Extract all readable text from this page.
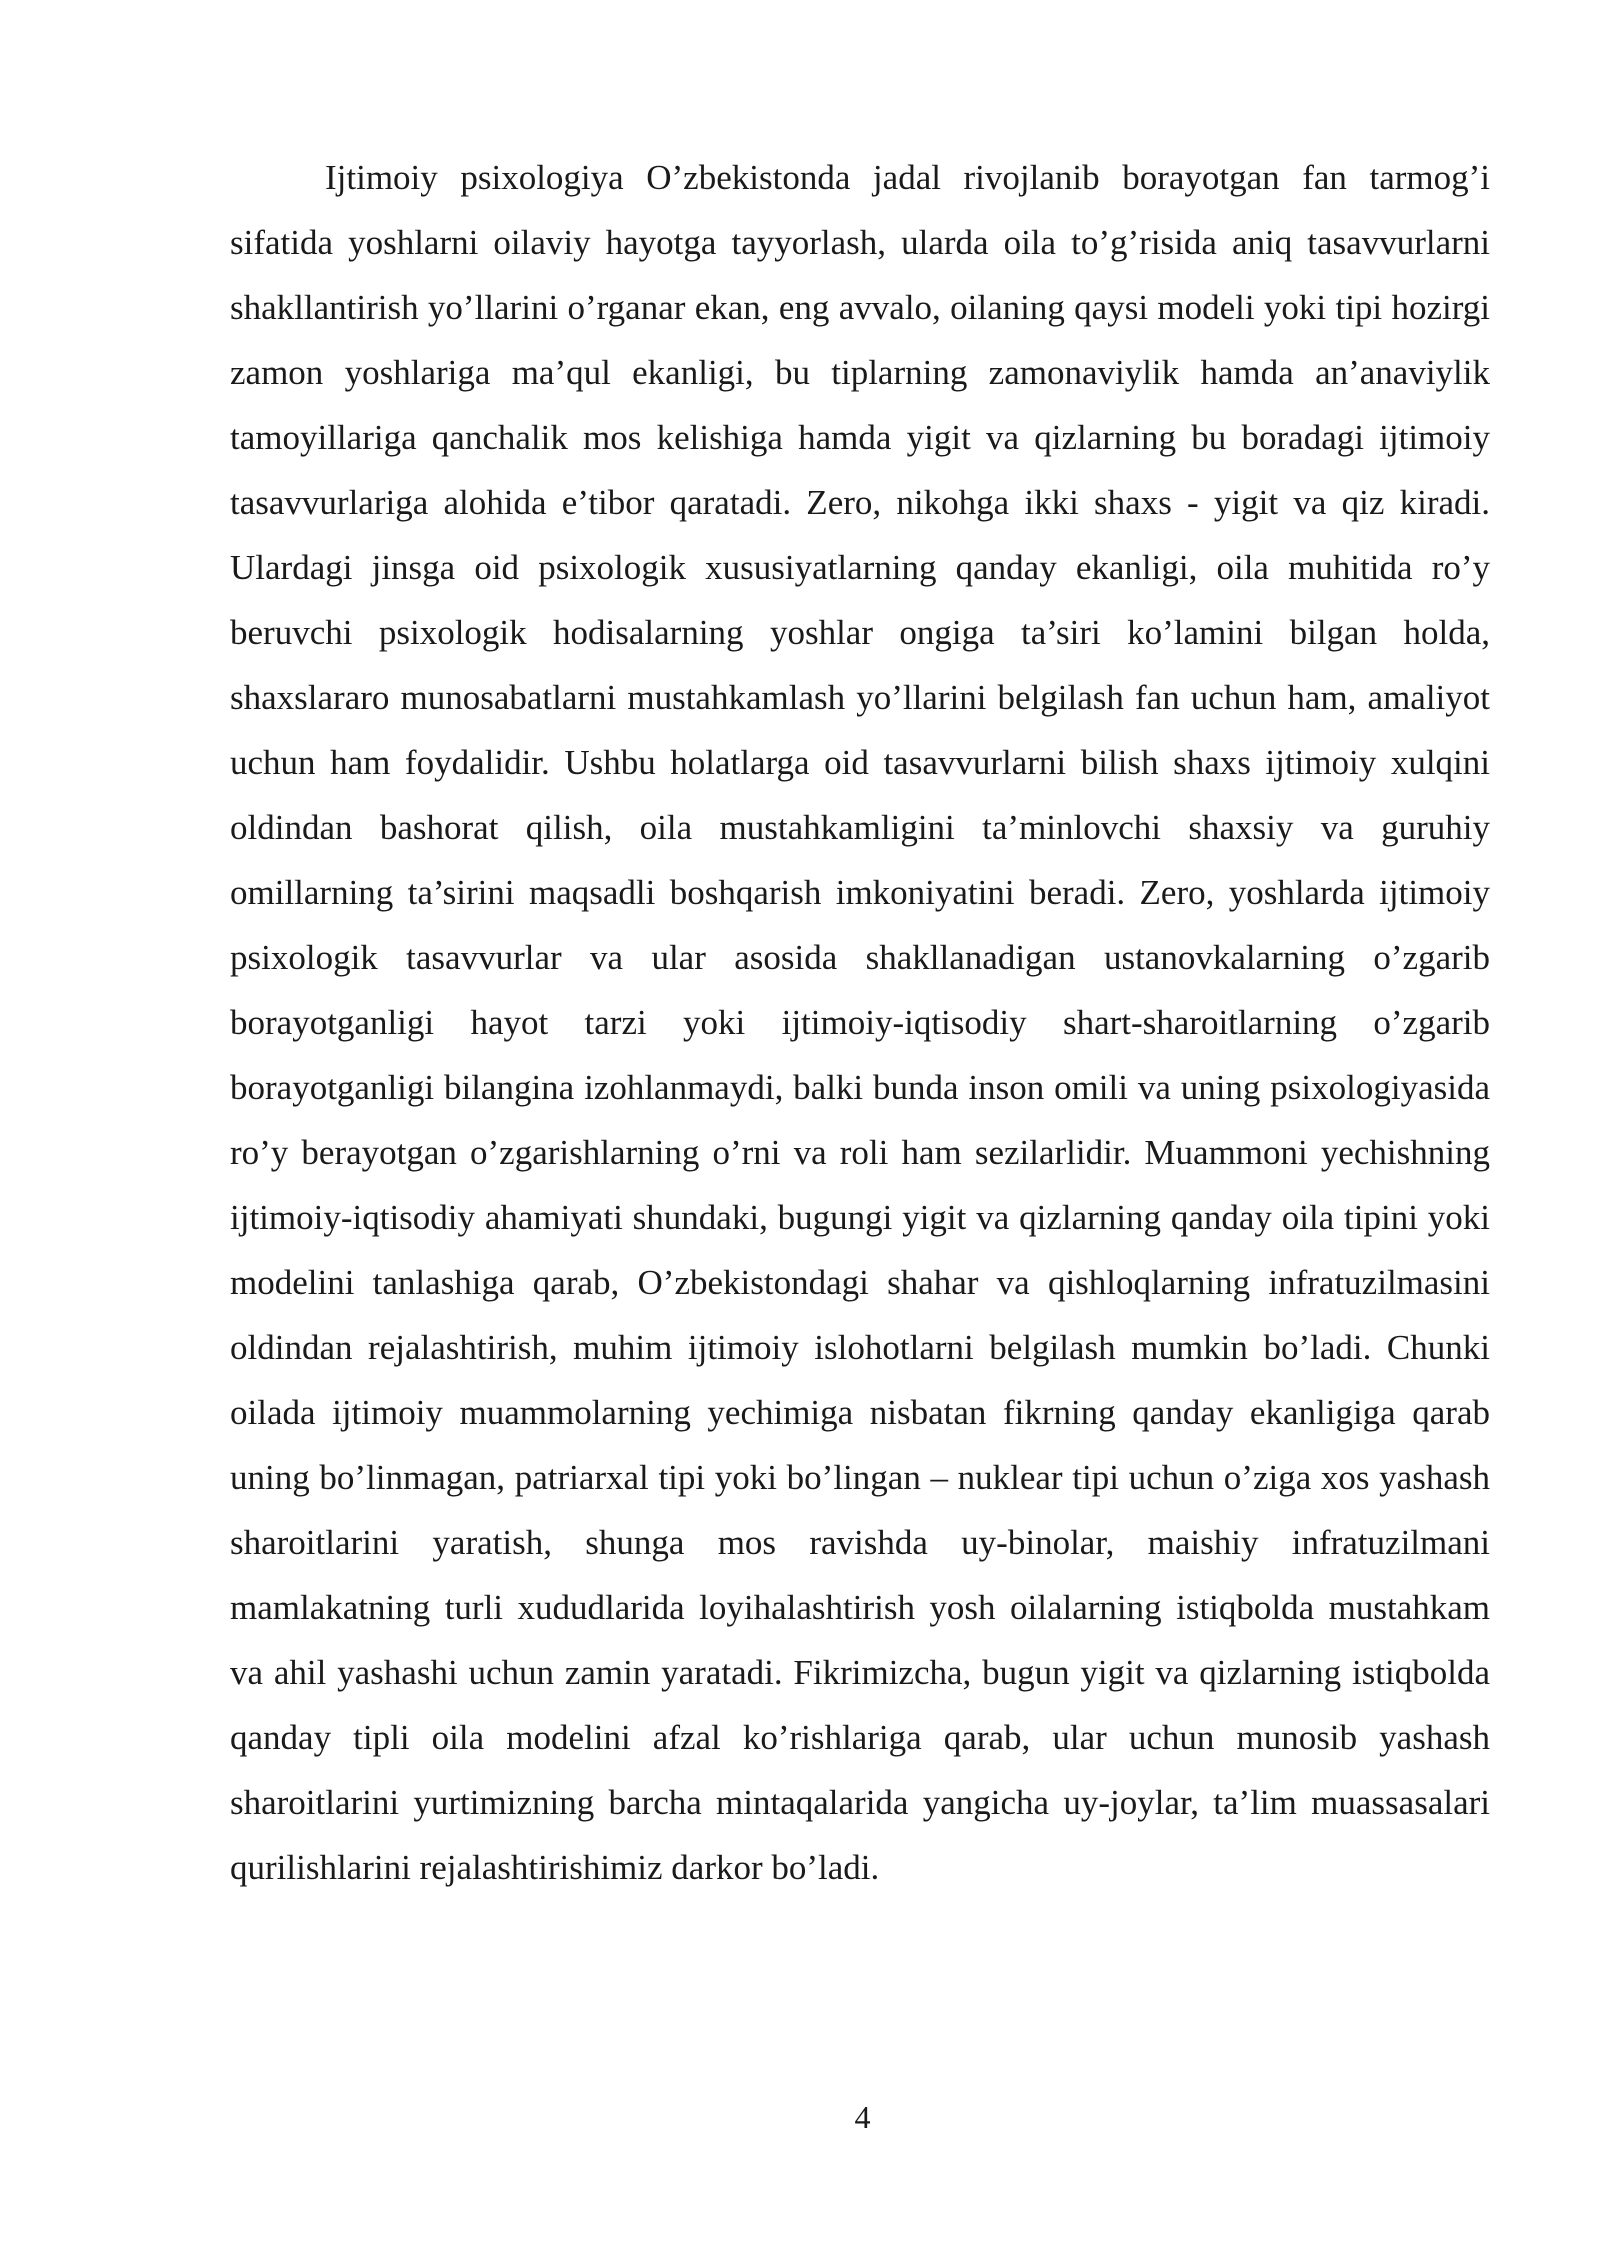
Ijtimoiy psixologiya O’zbekistonda jadal rivojlanib borayotgan fan tarmog’i sifatida yoshlarni oilaviy hayotga tayyorlash, ularda oila to’g’risida aniq tasavvurlarni shakllantirish yo’llarini o’rganar ekan, eng avvalo, oilaning qaysi modeli yoki tipi hozirgi zamon yoshlariga ma’qul ekanligi, bu tiplarning zamonaviylik hamda an’anaviylik tamoyillariga qanchalik mos kelishiga hamda yigit va qizlarning bu boradagi ijtimoiy tasavvurlariga alohida e’tibor qaratadi. Zero, nikohga ikki shaxs - yigit va qiz kiradi. Ulardagi jinsga oid psixologik xususiyatlarning qanday ekanligi, oila muhitida ro’y beruvchi psixologik hodisalarning yoshlar ongiga ta’siri ko’lamini bilgan holda, shaxslararo munosabatlarni mustahkamlash yo’llarini belgilash fan uchun ham, amaliyot uchun ham foydalidir. Ushbu holatlarga oid tasavvurlarni bilish shaxs ijtimoiy xulqini oldindan bashorat qilish, oila mustahkamligini ta’minlovchi shaxsiy va guruhiy omillarning ta’sirini maqsadli boshqarish imkoniyatini beradi. Zero, yoshlarda ijtimoiy psixologik tasavvurlar va ular asosida shakllanadigan ustanovkalarning o’zgarib borayotganligi hayot tarzi yoki ijtimoiy-iqtisodiy shart-sharoitlarning o’zgarib borayotganligi bilangina izohlanmaydi, balki bunda inson omili va uning psixologiyasida ro’y berayotgan o’zgarishlarning o’rni va roli ham sezilarlidir. Muammoni yechishning ijtimoiy-iqtisodiy ahamiyati shundaki, bugungi yigit va qizlarning qanday oila tipini yoki modelini tanlashiga qarab, O’zbekistondagi shahar va qishloqlarning infratuzilmasini oldindan rejalashtirish, muhim ijtimoiy islohotlarni belgilash mumkin bo’ladi. Chunki oilada ijtimoiy muammolarning yechimiga nisbatan fikrning qanday ekanligiga qarab uning bo’linmagan, patriarxal tipi yoki bo’lingan – nuklear tipi uchun o’ziga xos yashash sharoitlarini yaratish, shunga mos ravishda uy-binolar, maishiy infratuzilmani mamlakatning turli xududlarida loyihalashtirish yosh oilalarning istiqbolda mustahkam va ahil yashashi uchun zamin yaratadi. Fikrimizcha, bugun yigit va qizlarning istiqbolda qanday tipli oila modelini afzal ko’rishlariga qarab, ular uchun munosib yashash sharoitlarini yurtimizning barcha mintaqalarida yangicha uy-joylar, ta’lim muassasalari qurilishlarini rejalashtirishimiz darkor bo’ladi.

4
